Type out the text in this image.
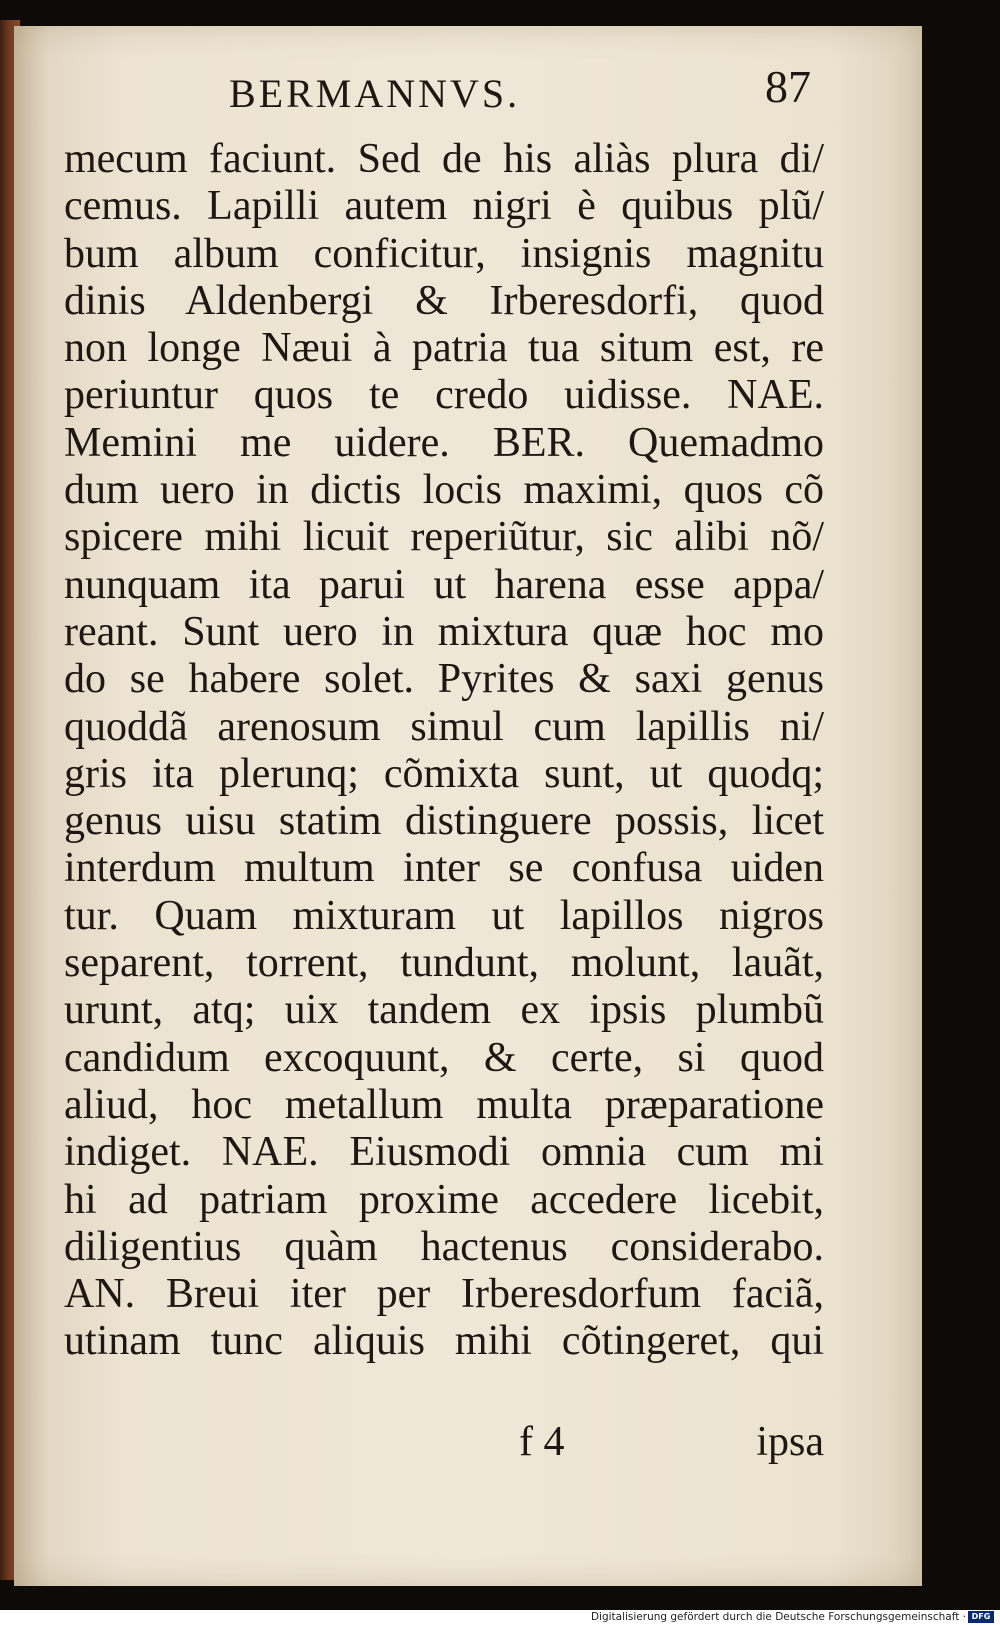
BERMANNVS.	87
mecum faciunt. Sed de his aliàs plura di/
cemus. Lapilli autem nigri è quibus plũ/
bum album conficitur, insignis magnitu
dinis Aldenbergi & Irberesdorfi, quod
non longe Næui à patria tua situm est, re
periuntur quos te credo uidisse. NAE.
Memini me uidere. BER. Quemadmo
dum uero in dictis locis maximi, quos cõ
spicere mihi licuit reperiũtur, sic alibi nõ/
nunquam ita parui ut harena esse appa/
reant. Sunt uero in mixtura quæ hoc mo
do se habere solet. Pyrites & saxi genus
quoddã arenosum simul cum lapillis ni/
gris ita plerunq; cõmixta sunt, ut quodq;
genus uisu statim distinguere possis, licet
interdum multum inter se confusa uiden
tur. Quam mixturam ut lapillos nigros
separent, torrent, tundunt, molunt, lauãt,
urunt, atq; uix tandem ex ipsis plumbũ
candidum excoquunt, & certe, si quod
aliud, hoc metallum multa præparatione
indiget. NAE. Eiusmodi omnia cum mi
hi ad patriam proxime accedere licebit,
diligentius quàm hactenus considerabo.
AN. Breui iter per Irberesdorfum faciã,
utinam tunc aliquis mihi cõtingeret, qui
f 4	ipsa
Digitalisierung gefördert durch die Deutsche Forschungsgemeinschaft · DFG
